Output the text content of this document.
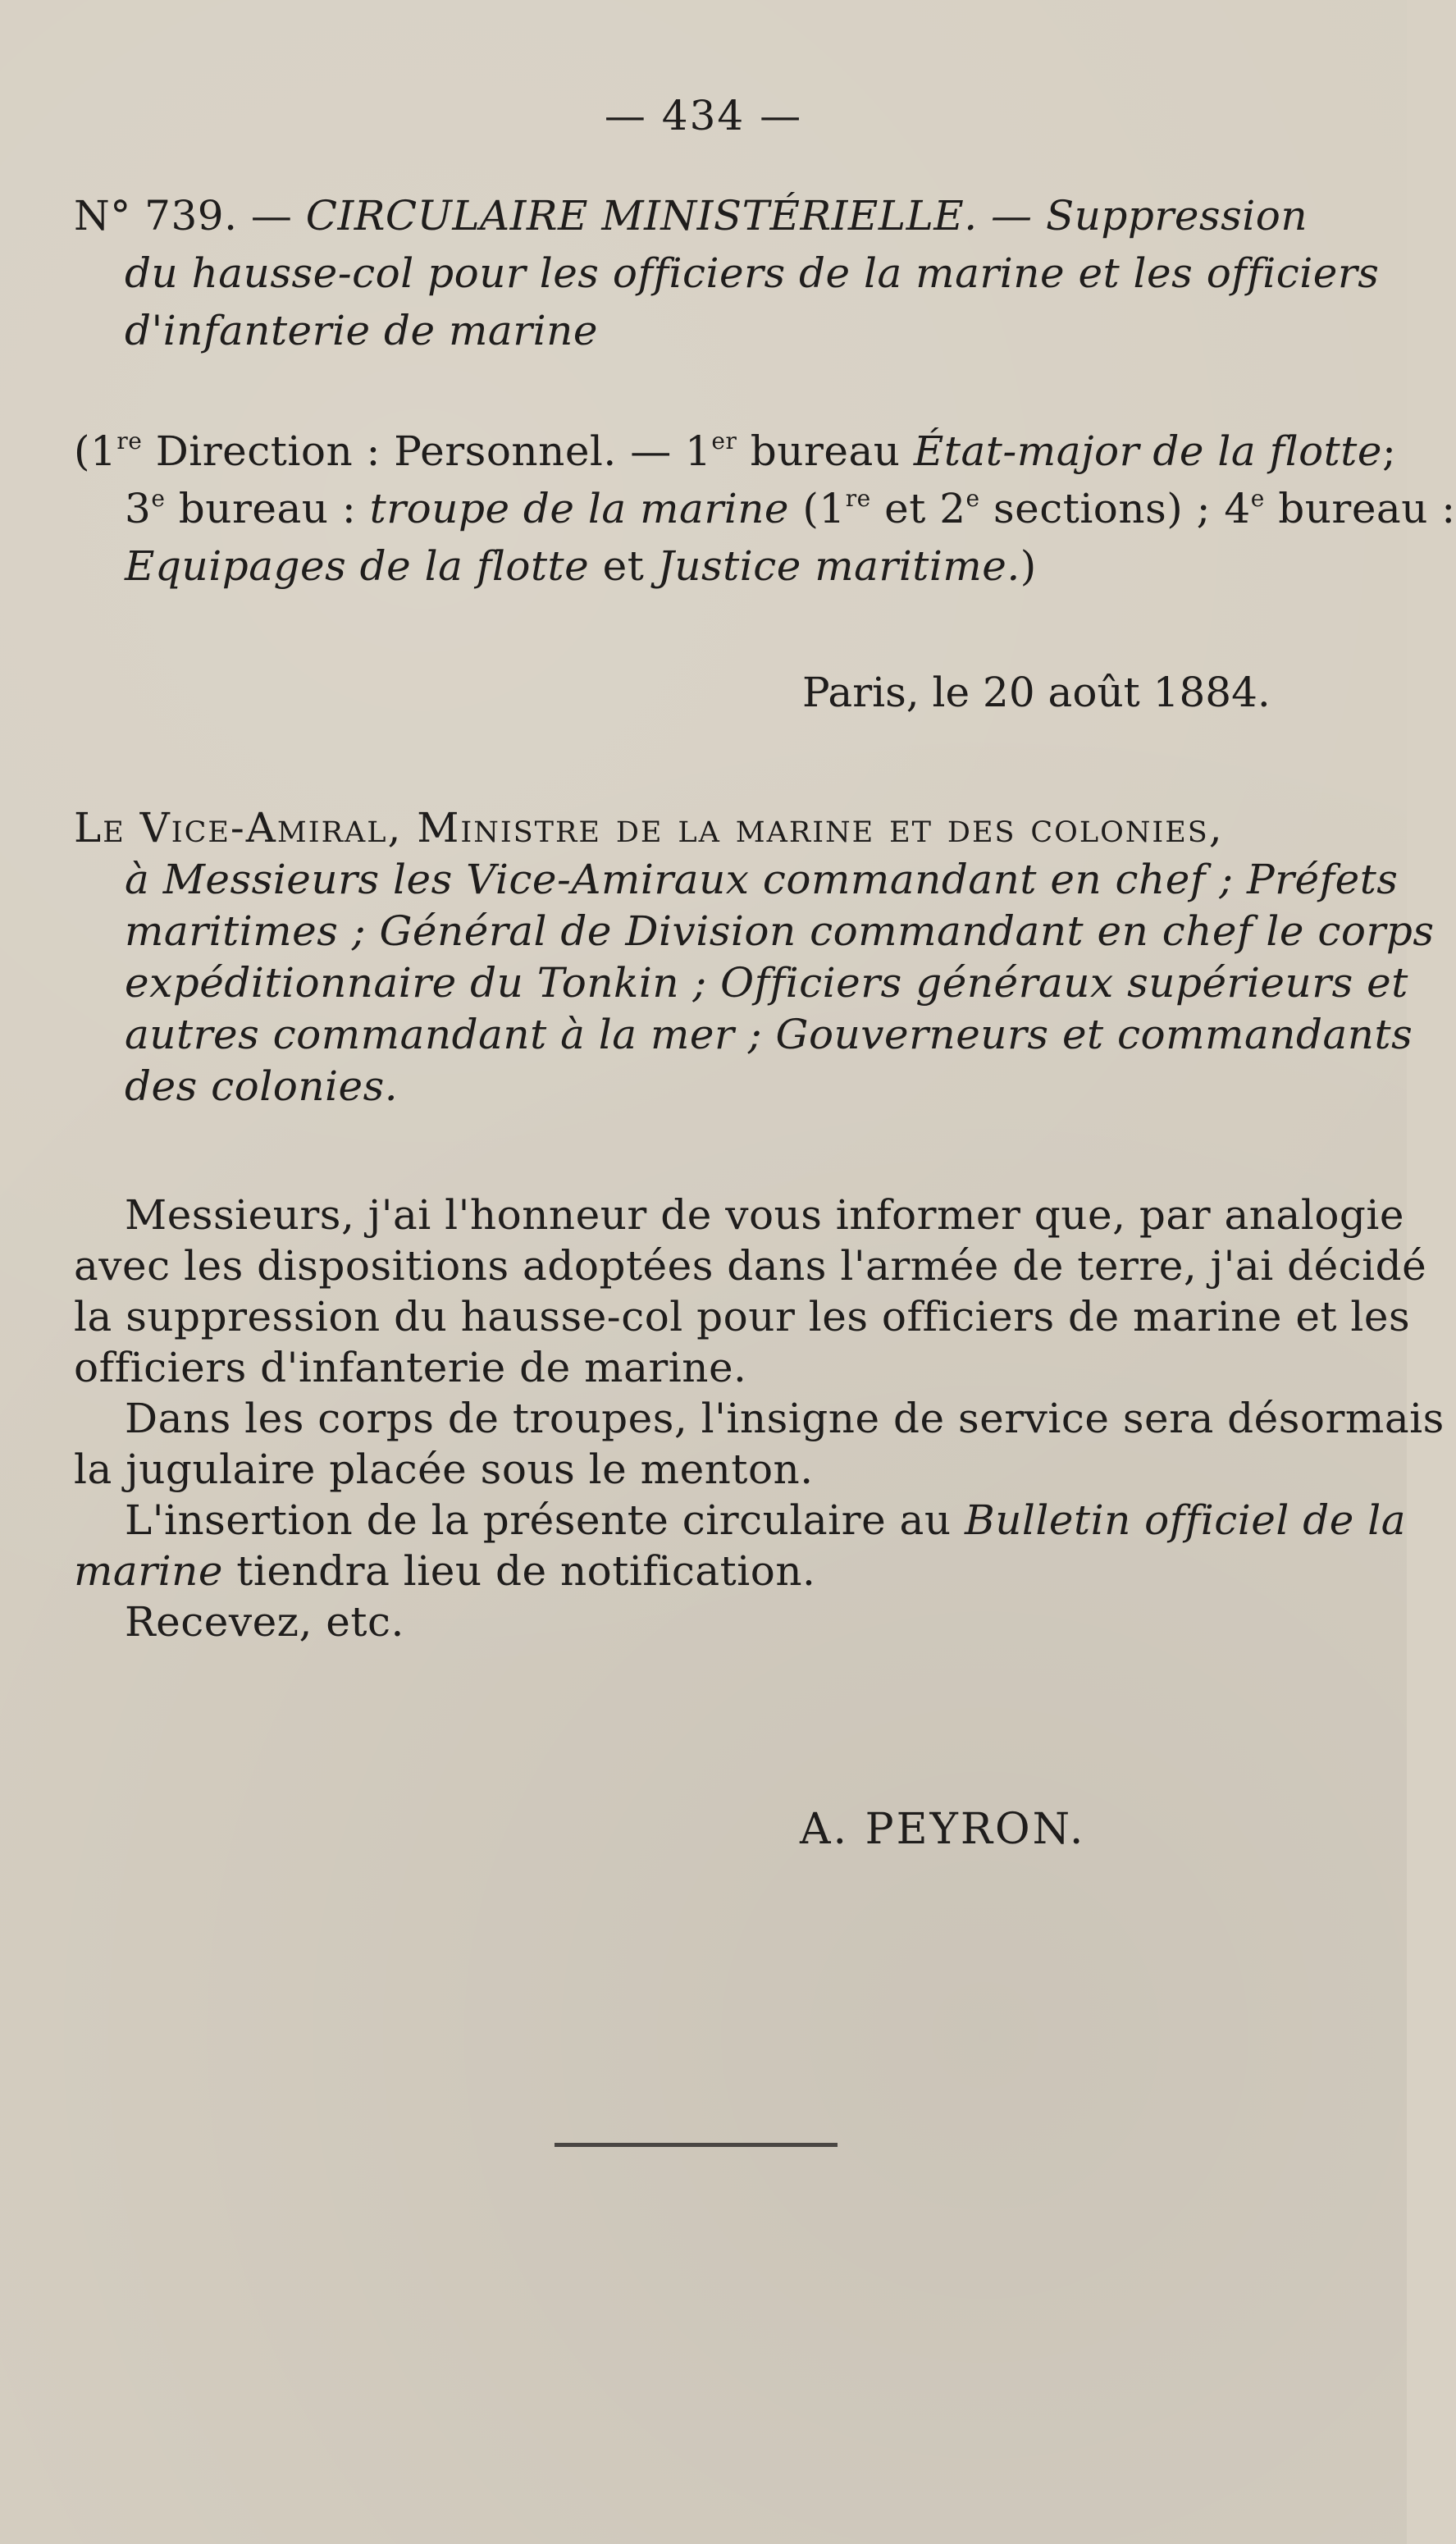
— 434 —
N° 739. — CIRCULAIRE MINISTÉRIELLE. — Suppression
du hausse-col pour les officiers de la marine et les officiers
d'infanterie de marine
(1re Direction : Personnel. — 1er bureau État-major de la flotte;
3e bureau : troupe de la marine (1re et 2e sections) ; 4e bureau :
Equipages de la flotte et Justice maritime.)
Paris, le 20 août 1884.
Le Vice-Amiral, Ministre de la marine et des colonies,
à Messieurs les Vice-Amiraux commandant en chef ; Préfets
maritimes ; Général de Division commandant en chef le corps
expéditionnaire du Tonkin ; Officiers généraux supérieurs et
autres commandant à la mer ; Gouverneurs et commandants
des colonies.
Messieurs, j'ai l'honneur de vous informer que, par analogie
avec les dispositions adoptées dans l'armée de terre, j'ai décidé
la suppression du hausse-col pour les officiers de marine et les
officiers d'infanterie de marine.
Dans les corps de troupes, l'insigne de service sera désormais
la jugulaire placée sous le menton.
L'insertion de la présente circulaire au Bulletin officiel de la
marine tiendra lieu de notification.
Recevez, etc.
A. PEYRON.
